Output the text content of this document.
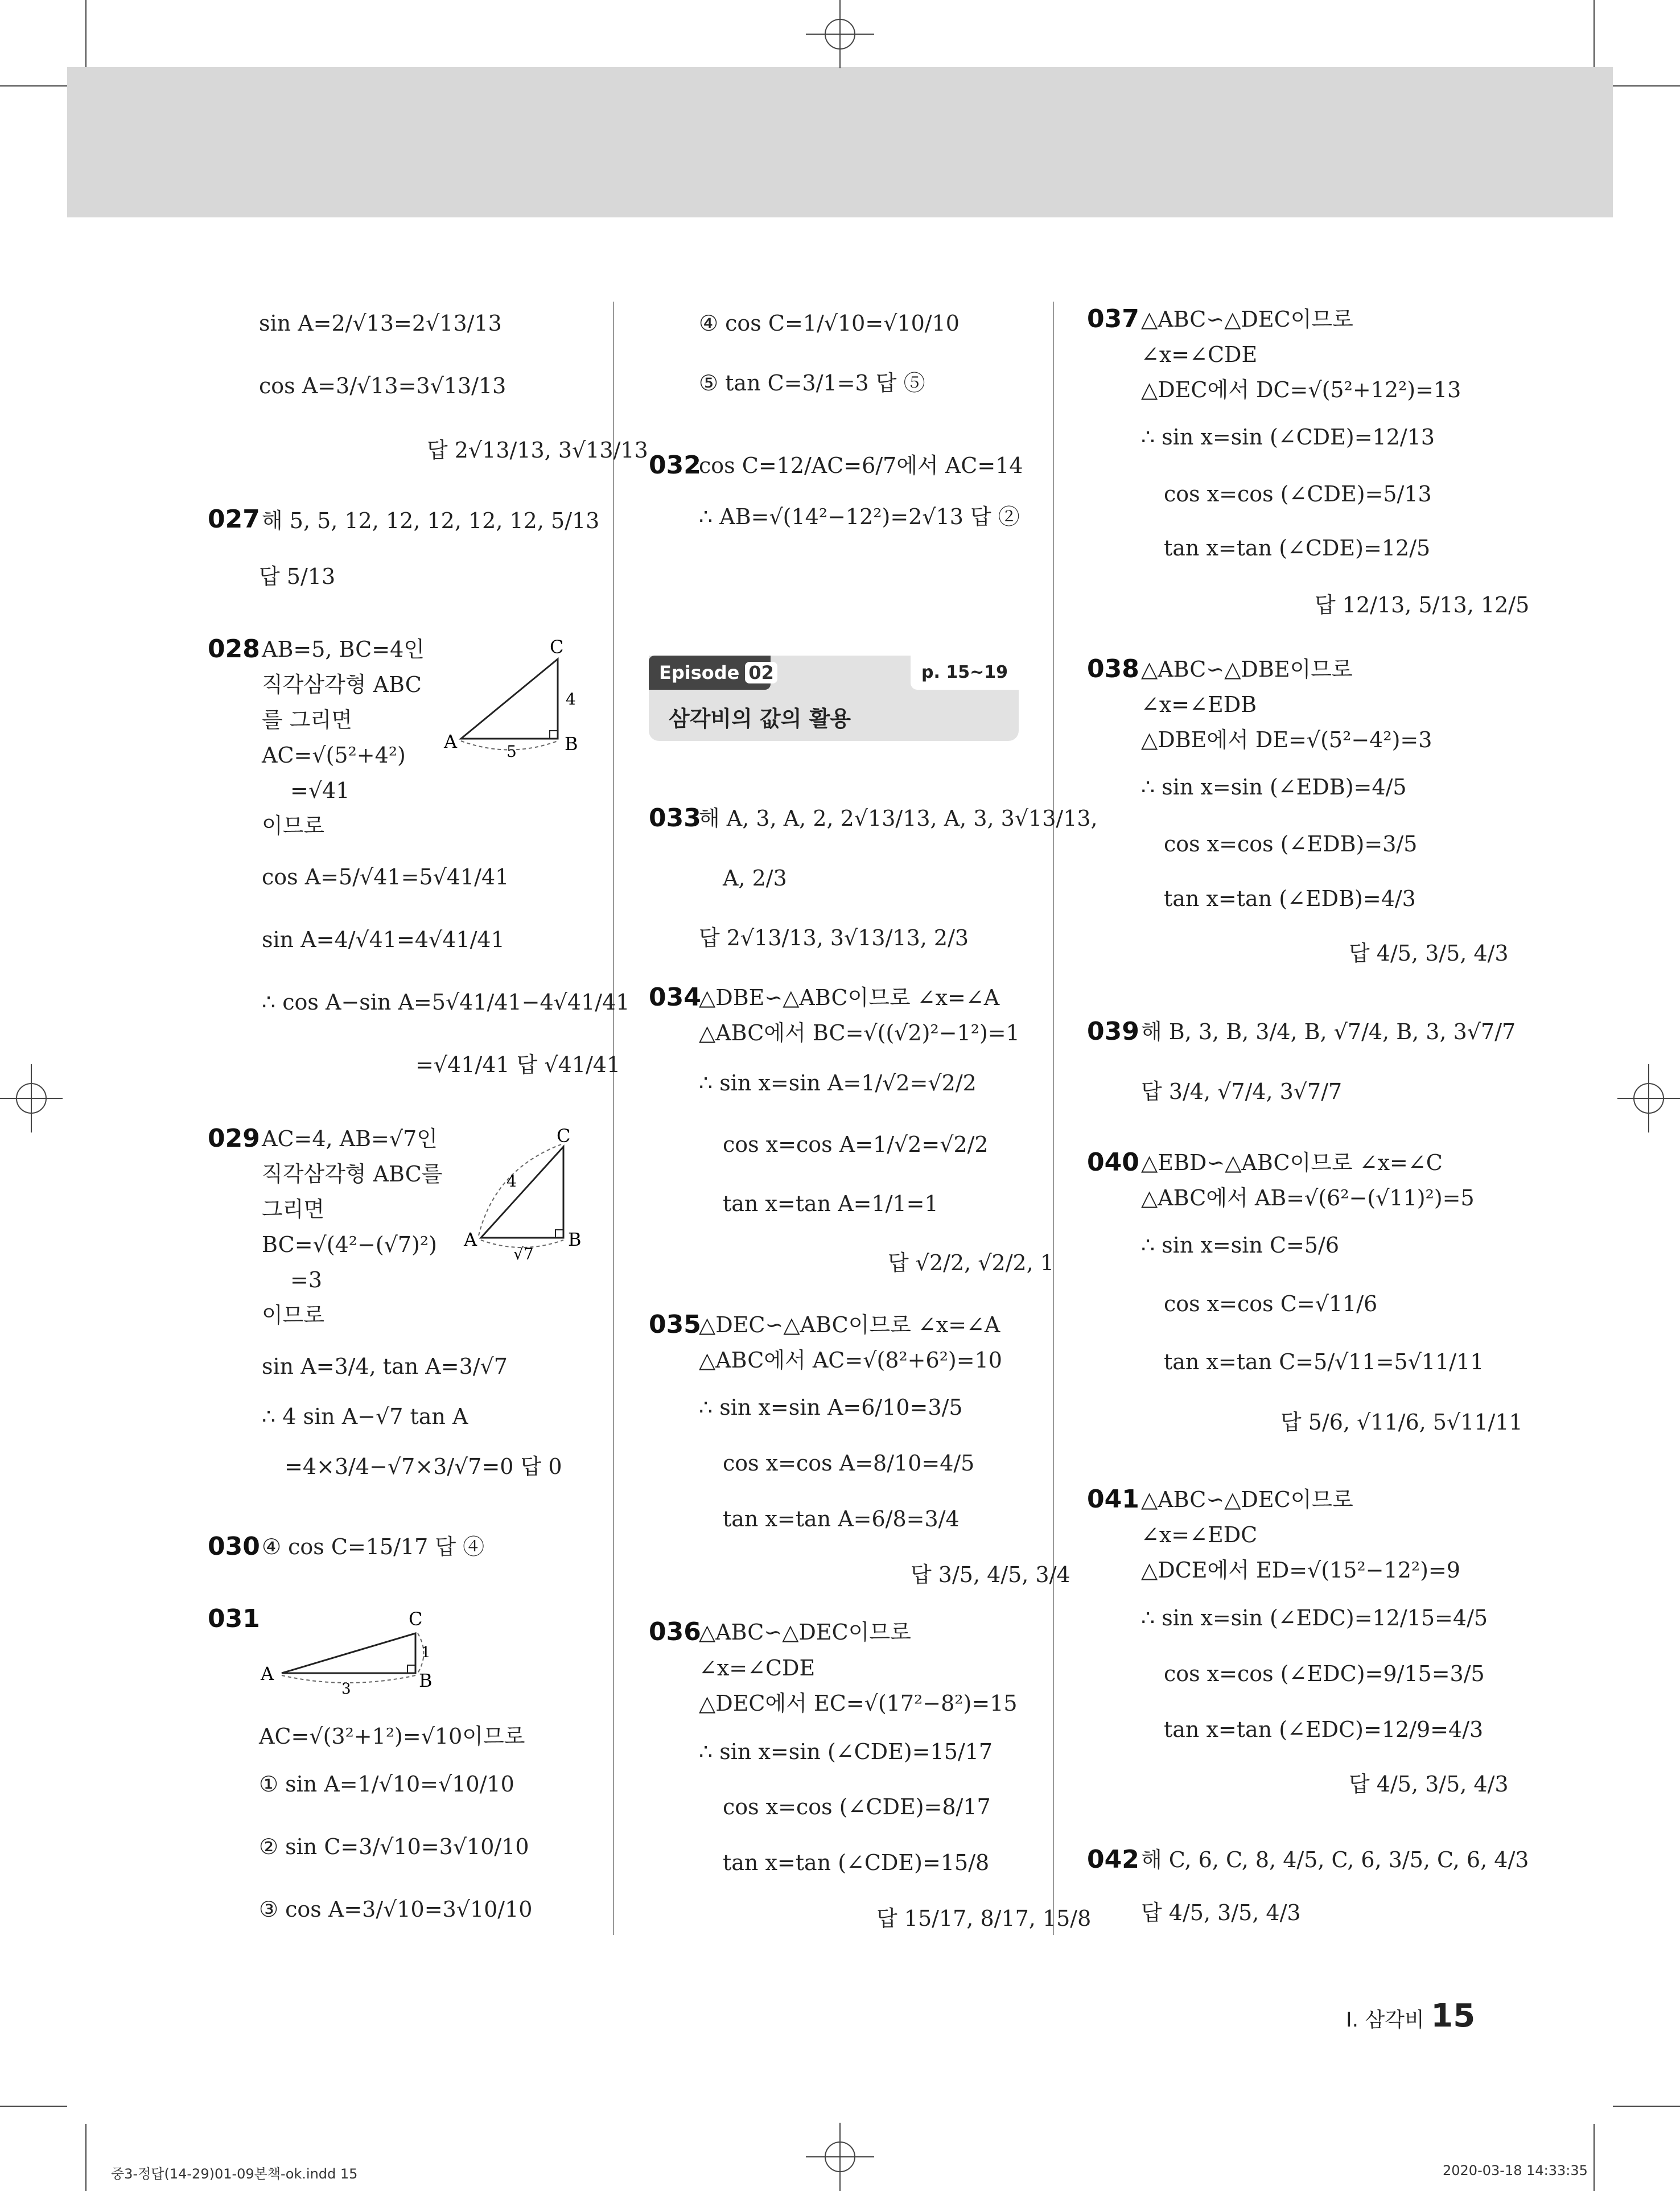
sin A=2/√13=2√13/13
cos A=3/√13=3√13/13
답 2√13/13, 3√13/13
027 해 5, 5, 12, 12, 12, 12, 12, 5/13
답 5/13
028 AB=5, BC=4인
직각삼각형 ABC
를 그리면
AC=√(5²+4²)
=√41
이므로
cos A=5/√41=5√41/41
sin A=4/√41=4√41/41
∴ cos A−sin A=5√41/41−4√41/41
=√41/41 답 √41/41
A	B
C
5
4
029 AC=4, AB=√7인
직각삼각형 ABC를
그리면
BC=√(4²−(√7)²)
=3
이므로
sin A=3/4, tan A=3/√7
∴ 4 sin A−√7 tan A
=4×3/4−√7×3/√7=0 답 0
A	B
C
4
√7
030 ④ cos C=15/17 답 ④
031
A	B
C
3
1
AC=√(3²+1²)=√10이므로
① sin A=1/√10=√10/10
② sin C=3/√10=3√10/10
③ cos A=3/√10=3√10/10
④ cos C=1/√10=√10/10
⑤ tan C=3/1=3 답 ⑤
032
cos C=12/AC=6/7에서 AC=14
∴ AB=√(14²−12²)=2√13 답 ②
Episode 02	p. 15~19
삼각비의 값의 활용
033
해 A, 3, A, 2, 2√13/13, A, 3, 3√13/13,
A, 2/3
답 2√13/13, 3√13/13, 2/3
034
△DBE∽△ABC이므로 ∠x=∠A
△ABC에서 BC=√((√2)²−1²)=1
∴ sin x=sin A=1/√2=√2/2
cos x=cos A=1/√2=√2/2
tan x=tan A=1/1=1
답 √2/2, √2/2, 1
035
△DEC∽△ABC이므로 ∠x=∠A
△ABC에서 AC=√(8²+6²)=10
∴ sin x=sin A=6/10=3/5
cos x=cos A=8/10=4/5
tan x=tan A=6/8=3/4
답 3/5, 4/5, 3/4
036
△ABC∽△DEC이므로
∠x=∠CDE
△DEC에서 EC=√(17²−8²)=15
∴ sin x=sin (∠CDE)=15/17
cos x=cos (∠CDE)=8/17
tan x=tan (∠CDE)=15/8
답 15/17, 8/17, 15/8
037 △ABC∽△DEC이므로
∠x=∠CDE
△DEC에서 DC=√(5²+12²)=13
∴ sin x=sin (∠CDE)=12/13
cos x=cos (∠CDE)=5/13
tan x=tan (∠CDE)=12/5
답 12/13, 5/13, 12/5
038 △ABC∽△DBE이므로
∠x=∠EDB
△DBE에서 DE=√(5²−4²)=3
∴ sin x=sin (∠EDB)=4/5
cos x=cos (∠EDB)=3/5
tan x=tan (∠EDB)=4/3
답 4/5, 3/5, 4/3
039 해 B, 3, B, 3/4, B, √7/4, B, 3, 3√7/7
답 3/4, √7/4, 3√7/7
040 △EBD∽△ABC이므로 ∠x=∠C
△ABC에서 AB=√(6²−(√11)²)=5
∴ sin x=sin C=5/6
cos x=cos C=√11/6
tan x=tan C=5/√11=5√11/11
답 5/6, √11/6, 5√11/11
041 △ABC∽△DEC이므로
∠x=∠EDC
△DCE에서 ED=√(15²−12²)=9
∴ sin x=sin (∠EDC)=12/15=4/5
cos x=cos (∠EDC)=9/15=3/5
tan x=tan (∠EDC)=12/9=4/3
답 4/5, 3/5, 4/3
042 해 C, 6, C, 8, 4/5, C, 6, 3/5, C, 6, 4/3
답 4/5, 3/5, 4/3
I. 삼각비 15
중3-정답(14-29)01-09본책-ok.indd 15	2020-03-18 14:33:35
